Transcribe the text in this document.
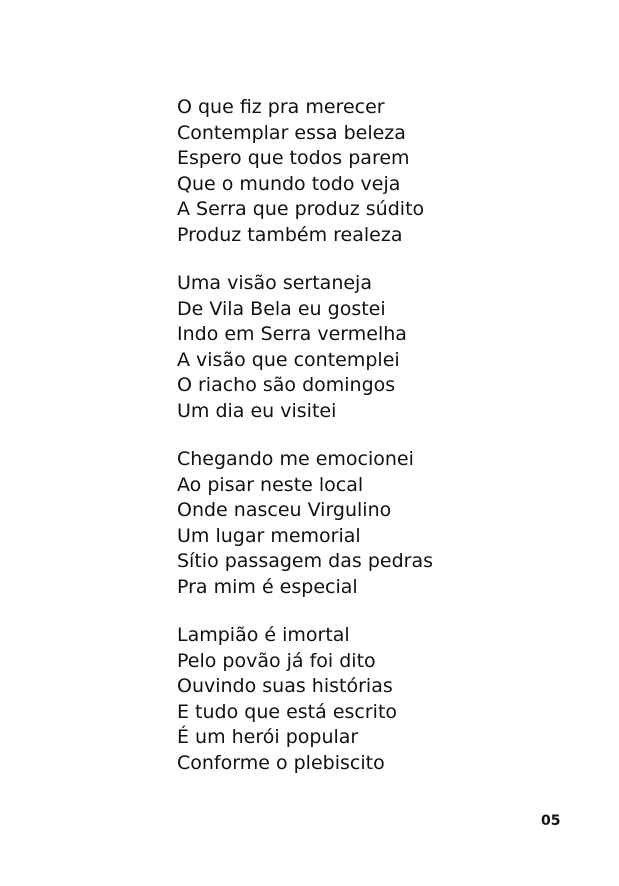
O que fiz pra merecer
Contemplar essa beleza
Espero que todos parem
Que o mundo todo veja
A Serra que produz súdito
Produz também realeza
Uma visão sertaneja
De Vila Bela eu gostei
Indo em Serra vermelha
A visão que contemplei
O riacho são domingos
Um dia eu visitei
Chegando me emocionei
Ao pisar neste local
Onde nasceu Virgulino
Um lugar memorial
Sítio passagem das pedras
Pra mim é especial
Lampião é imortal
Pelo povão já foi dito
Ouvindo suas histórias
E tudo que está escrito
É um herói popular
Conforme o plebiscito
05
